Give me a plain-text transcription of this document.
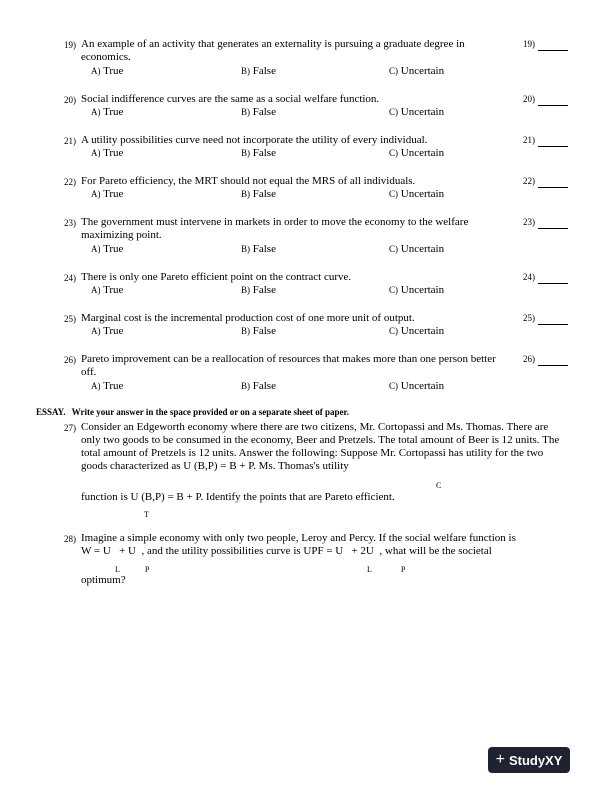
19) An example of an activity that generates an externality is pursuing a graduate degree in economics.
19)
A) True	B) False	C) Uncertain
20) Social indifference curves are the same as a social welfare function.	20)
A) True	B) False	C) Uncertain
21) A utility possibilities curve need not incorporate the utility of every individual.	21)
A) True	B) False	C) Uncertain
22) For Pareto efficiency, the MRT should not equal the MRS of all individuals.	22)
A) True	B) False	C) Uncertain
23) The government must intervene in markets in order to move the economy to the welfare maximizing point.
23)
A) True	B) False	C) Uncertain
24) There is only one Pareto efficient point on the contract curve.	24)
A) True	B) False	C) Uncertain
25) Marginal cost is the incremental production cost of one more unit of output.	25)
A) True	B) False	C) Uncertain
26) Pareto improvement can be a reallocation of resources that makes more than one person better off.
26)
A) True	B) False	C) Uncertain
ESSAY. Write your answer in the space provided or on a separate sheet of paper.
27) Consider an Edgeworth economy where there are two citizens, Mr. Cortopassi and Ms. Thomas. There are only two goods to be consumed in the economy, Beer and Pretzels. The total amount of Beer is 12 units. The total amount of Pretzels is 12 units. Answer the following: Suppose Mr. Cortopassi has utility for the two goods characterized as U (B,P) = B + P. Ms. Thomas's utility
C
function is U (B,P) = B + P. Identify the points that are Pareto efficient.
T
28) Imagine a simple economy with only two people, Leroy and Percy. If the social welfare function is
W = U   + U  , and the utility possibilities curve is UPF = U   + 2U  , what will be the societal
L	P	L	P
optimum?
+ StudyXY
